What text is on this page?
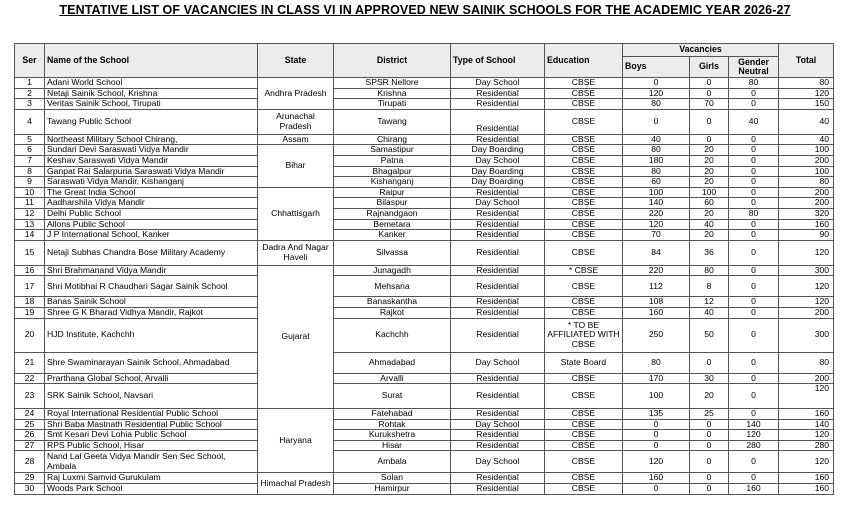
TENTATIVE LIST OF VACANCIES IN CLASS VI IN APPROVED NEW SAINIK SCHOOLS FOR THE ACADEMIC YEAR 2026-27
Ser	Name of the School	State	District	Type of School	Education	Vacancies			Total
						Boys	Girls	Gender Neutral	
1	Adani World School	Andhra Pradesh	SPSR Nellore	Day School	CBSE	0	0	80	80
2	Netaji Sainik School, Krishna		Krishna	Residential	CBSE	120	0	0	120
3	Veritas Sainik School, Tirupati		Tirupati	Residential	CBSE	80	70	0	150
4	Tawang Public School	Arunachal Pradesh	Tawang	Residential	CBSE	0	0	40	40
5	Northeast Military School Chirang,	Assam	Chirang	Residential	CBSE	40	0	0	40
6	Sundari Devi Saraswati Vidya Mandir	Bihar	Samastipur	Day Boarding	CBSE	80	20	0	100
7	Keshav Saraswati Vidya Mandir		Patna	Day School	CBSE	180	20	0	200
8	Ganpat Rai Salarpuria Saraswati Vidya Mandir		Bhagalpur	Day Boarding	CBSE	80	20	0	100
9	Saraswati Vidya Mandir, Kishanganj		Kishanganj	Day Boarding	CBSE	60	20	0	80
10	The Great India School	Chhattisgarh	Raipur	Residential	CBSE	100	100	0	200
11	Aadharshila Vidya Mandir		Bilaspur	Day School	CBSE	140	60	0	200
12	Delhi Public School		Rajnandgaon	Residential	CBSE	220	20	80	320
13	Allons Public School		Bemetara	Residential	CBSE	120	40	0	160
14	J P International School, Kanker		Kanker	Residential	CBSE	70	20	0	90
15	Netaji Subhas Chandra Bose Military Academy	Dadra And Nagar Haveli	Silvassa	Residential	CBSE	84	36	0	120
16	Shri Brahmanand Vidya Mandir	Gujarat	Junagadh	Residential	* CBSE	220	80	0	300
17	Shri Motibhai R Chaudhari Sagar Sainik School		Mehsana	Residential	CBSE	112	8	0	120
18	Banas Sainik School		Banaskantha	Residential	CBSE	108	12	0	120
19	Shree G K Bharad Vidhya Mandir, Rajkot		Rajkot	Residential	CBSE	160	40	0	200
20	HJD Institute, Kachchh		Kachchh	Residential	* TO BE AFFILIATED WITH CBSE	250	50	0	300
21	Shre Swaminarayan Sainik School, Ahmadabad		Ahmadabad	Day School	State Board	80	0	0	80
22	Prarthana Global School, Arvalli		Arvalli	Residential	CBSE	170	30	0	200
23	SRK Sainik School, Navsari		Surat	Residential	CBSE	100	20	0	120
24	Royal International Residential Public School	Haryana	Fatehabad	Residential	CBSE	135	25	0	160
25	Shri Baba Mastnath Residential Public School		Rohtak	Day School	CBSE	0	0	140	140
26	Smt Kesari Devi Lohia Public School		Kurukshetra	Residential	CBSE	0	0	120	120
27	RPS Public School, Hisar		Hisar	Residential	CBSE	0	0	280	280
28	Nand Lal Geeta Vidya Mandir Sen Sec School, Ambala		Ambala	Day School	CBSE	120	0	0	120
29	Raj Luxmi Samvid Gurukulam	Himachal Pradesh	Solan	Residential	CBSE	160	0	0	160
30	Woods Park School		Hamirpur	Residential	CBSE	0	0	160	160
